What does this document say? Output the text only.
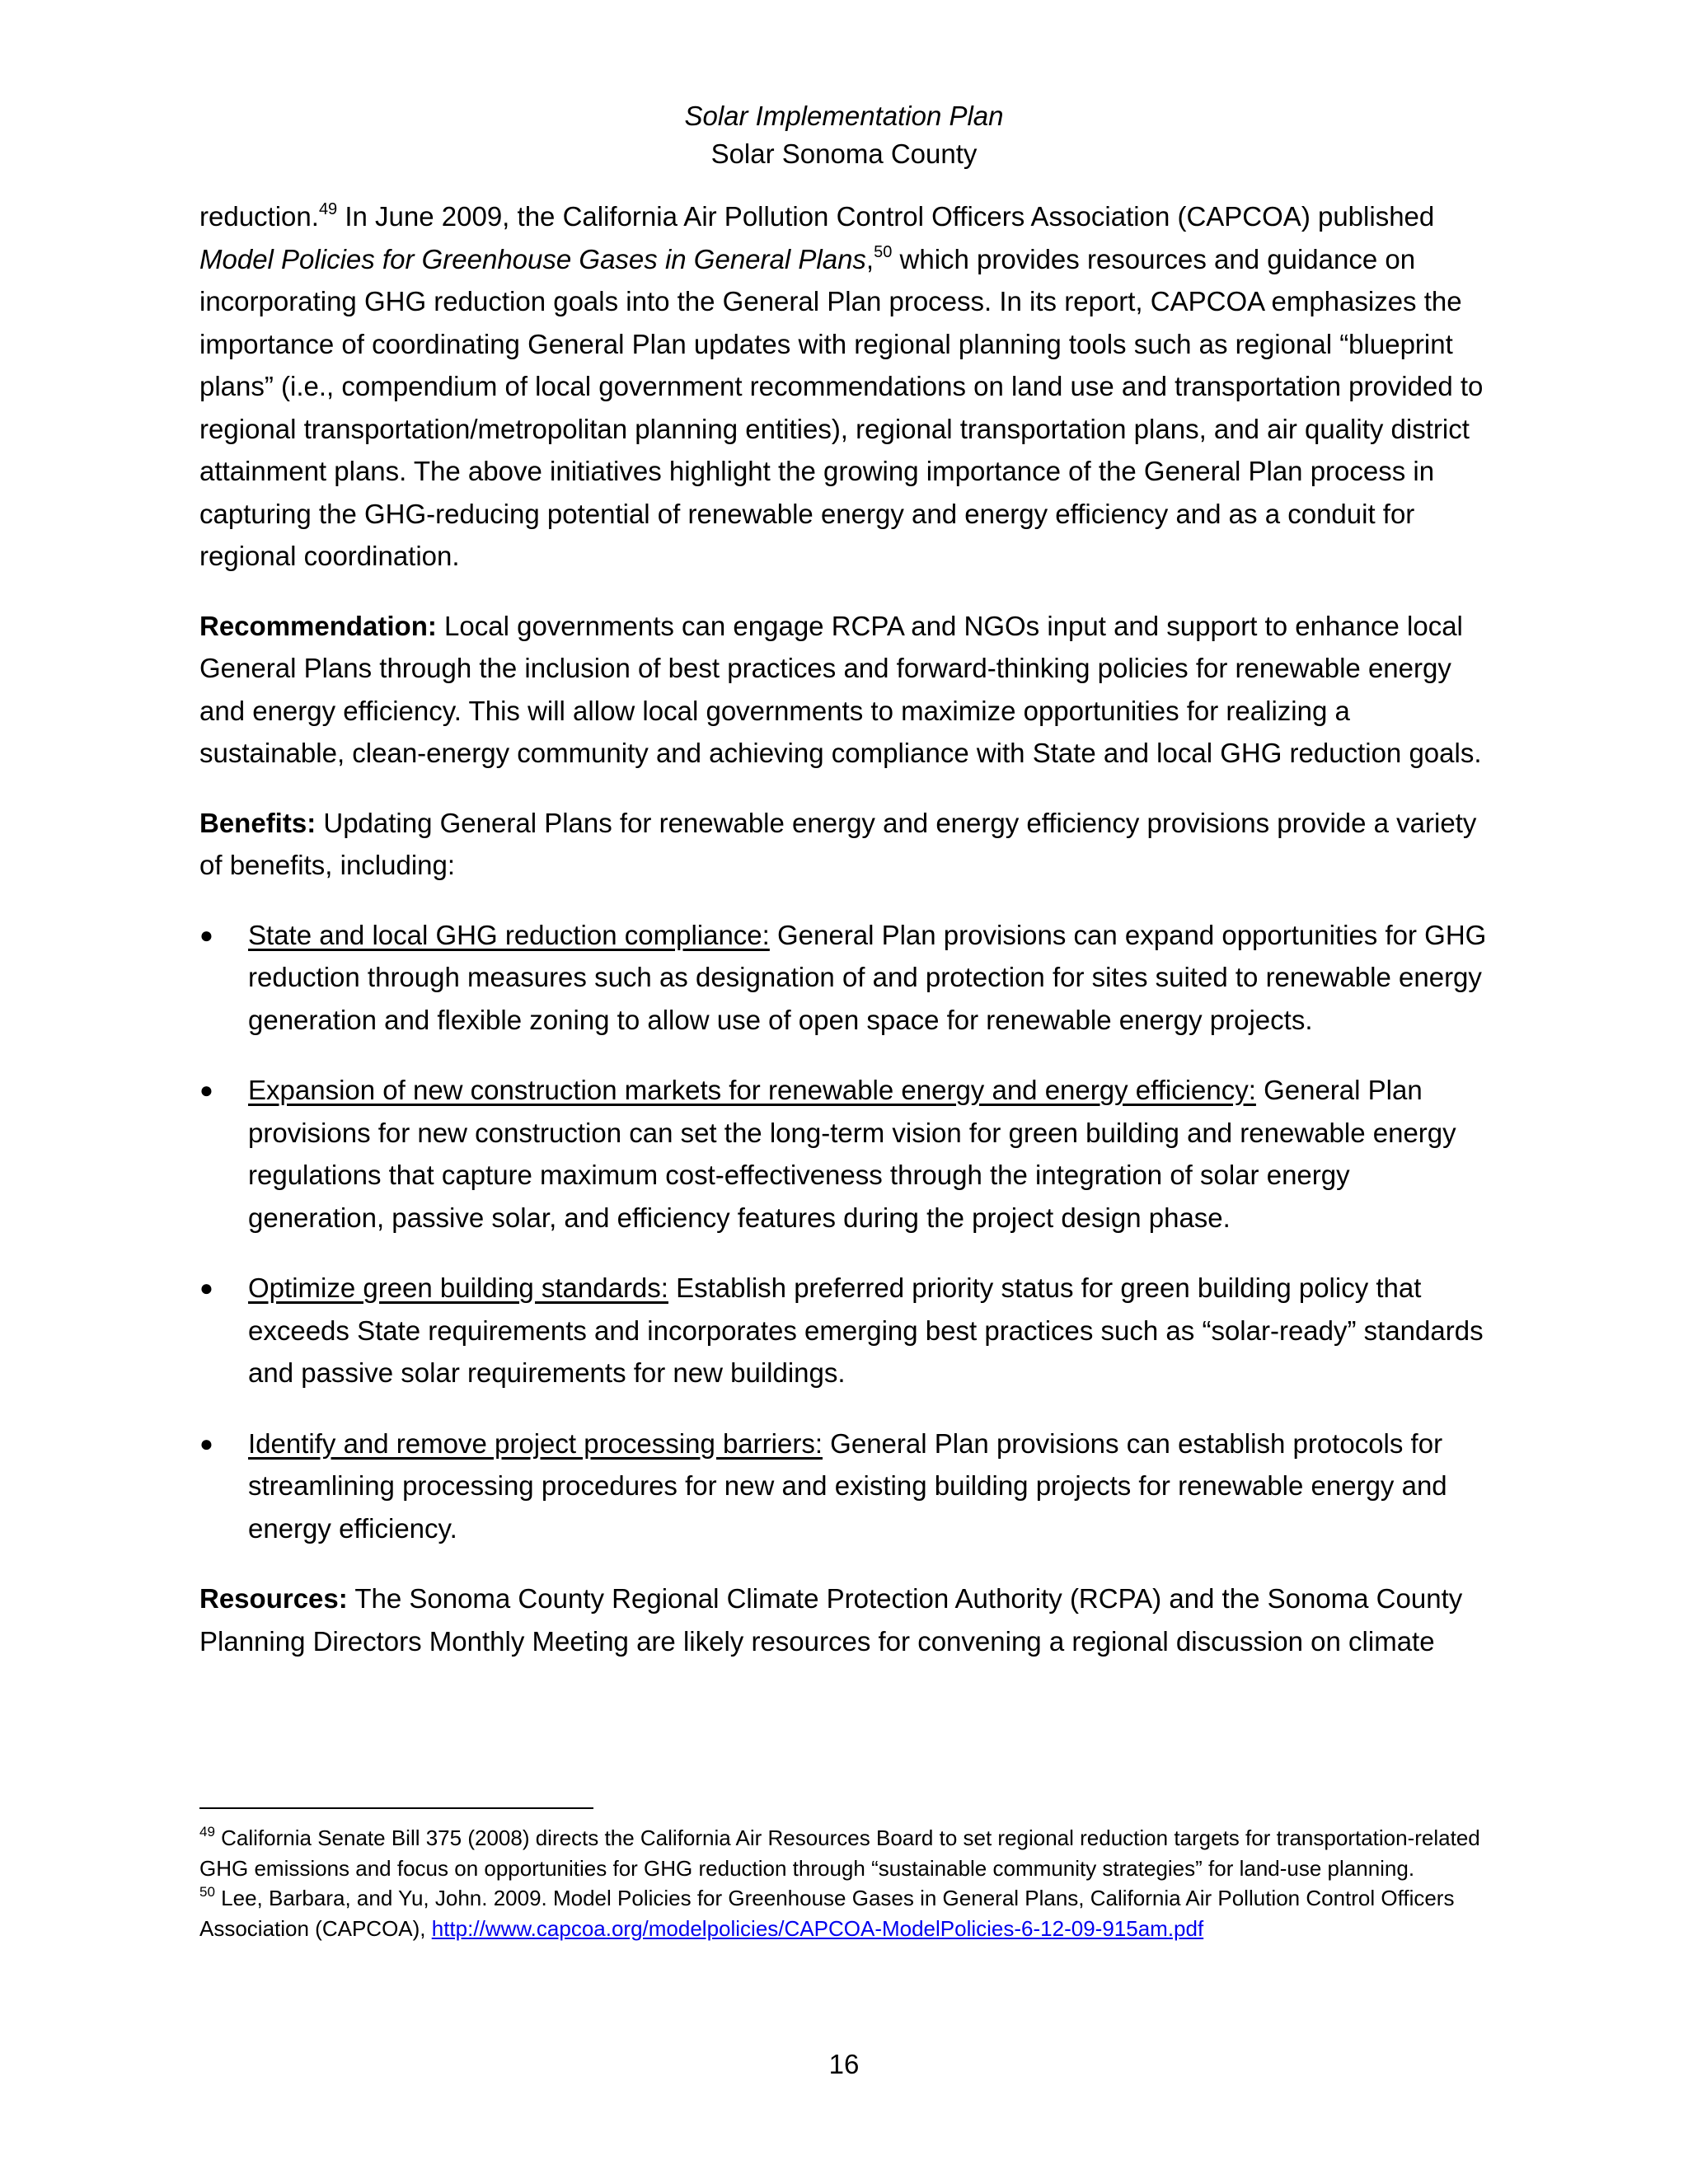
Solar Implementation Plan
Solar Sonoma County

reduction.$^{49}$ In June 2009, the California Air Pollution Control Officers Association (CAPCOA) published Model Policies for Greenhouse Gases in General Plans,$^{50}$ which provides resources and guidance on incorporating GHG reduction goals into the General Plan process. In its report, CAPCOA emphasizes the importance of coordinating General Plan updates with regional planning tools such as regional “blueprint plans” (i.e., compendium of local government recommendations on land use and transportation provided to regional transportation/metropolitan planning entities), regional transportation plans, and air quality district attainment plans. The above initiatives highlight the growing importance of the General Plan process in capturing the GHG-reducing potential of renewable energy and energy efficiency and as a conduit for regional coordination.

Recommendation: Local governments can engage RCPA and NGOs input and support to enhance local General Plans through the inclusion of best practices and forward-thinking policies for renewable energy and energy efficiency. This will allow local governments to maximize opportunities for realizing a sustainable, clean-energy community and achieving compliance with State and local GHG reduction goals.

Benefits: Updating General Plans for renewable energy and energy efficiency provisions provide a variety of benefits, including:

●	State and local GHG reduction compliance: General Plan provisions can expand opportunities for GHG reduction through measures such as designation of and protection for sites suited to renewable energy generation and flexible zoning to allow use of open space for renewable energy projects.
●	Expansion of new construction markets for renewable energy and energy efficiency: General Plan provisions for new construction can set the long-term vision for green building and renewable energy regulations that capture maximum cost-effectiveness through the integration of solar energy generation, passive solar, and efficiency features during the project design phase.
●	Optimize green building standards: Establish preferred priority status for green building policy that exceeds State requirements and incorporates emerging best practices such as “solar-ready” standards and passive solar requirements for new buildings.
●	Identify and remove project processing barriers: General Plan provisions can establish protocols for streamlining processing procedures for new and existing building projects for renewable energy and energy efficiency.

Resources: The Sonoma County Regional Climate Protection Authority (RCPA) and the Sonoma County Planning Directors Monthly Meeting are likely resources for convening a regional discussion on climate

$^{49}$ California Senate Bill 375 (2008) directs the California Air Resources Board to set regional reduction targets for transportation-related GHG emissions and focus on opportunities for GHG reduction through “sustainable community strategies” for land-use planning.

$^{50}$ Lee, Barbara, and Yu, John. 2009. Model Policies for Greenhouse Gases in General Plans, California Air Pollution Control Officers Association (CAPCOA), http://www.capcoa.org/modelpolicies/CAPCOA-ModelPolicies-6-12-09-915am.pdf

16
